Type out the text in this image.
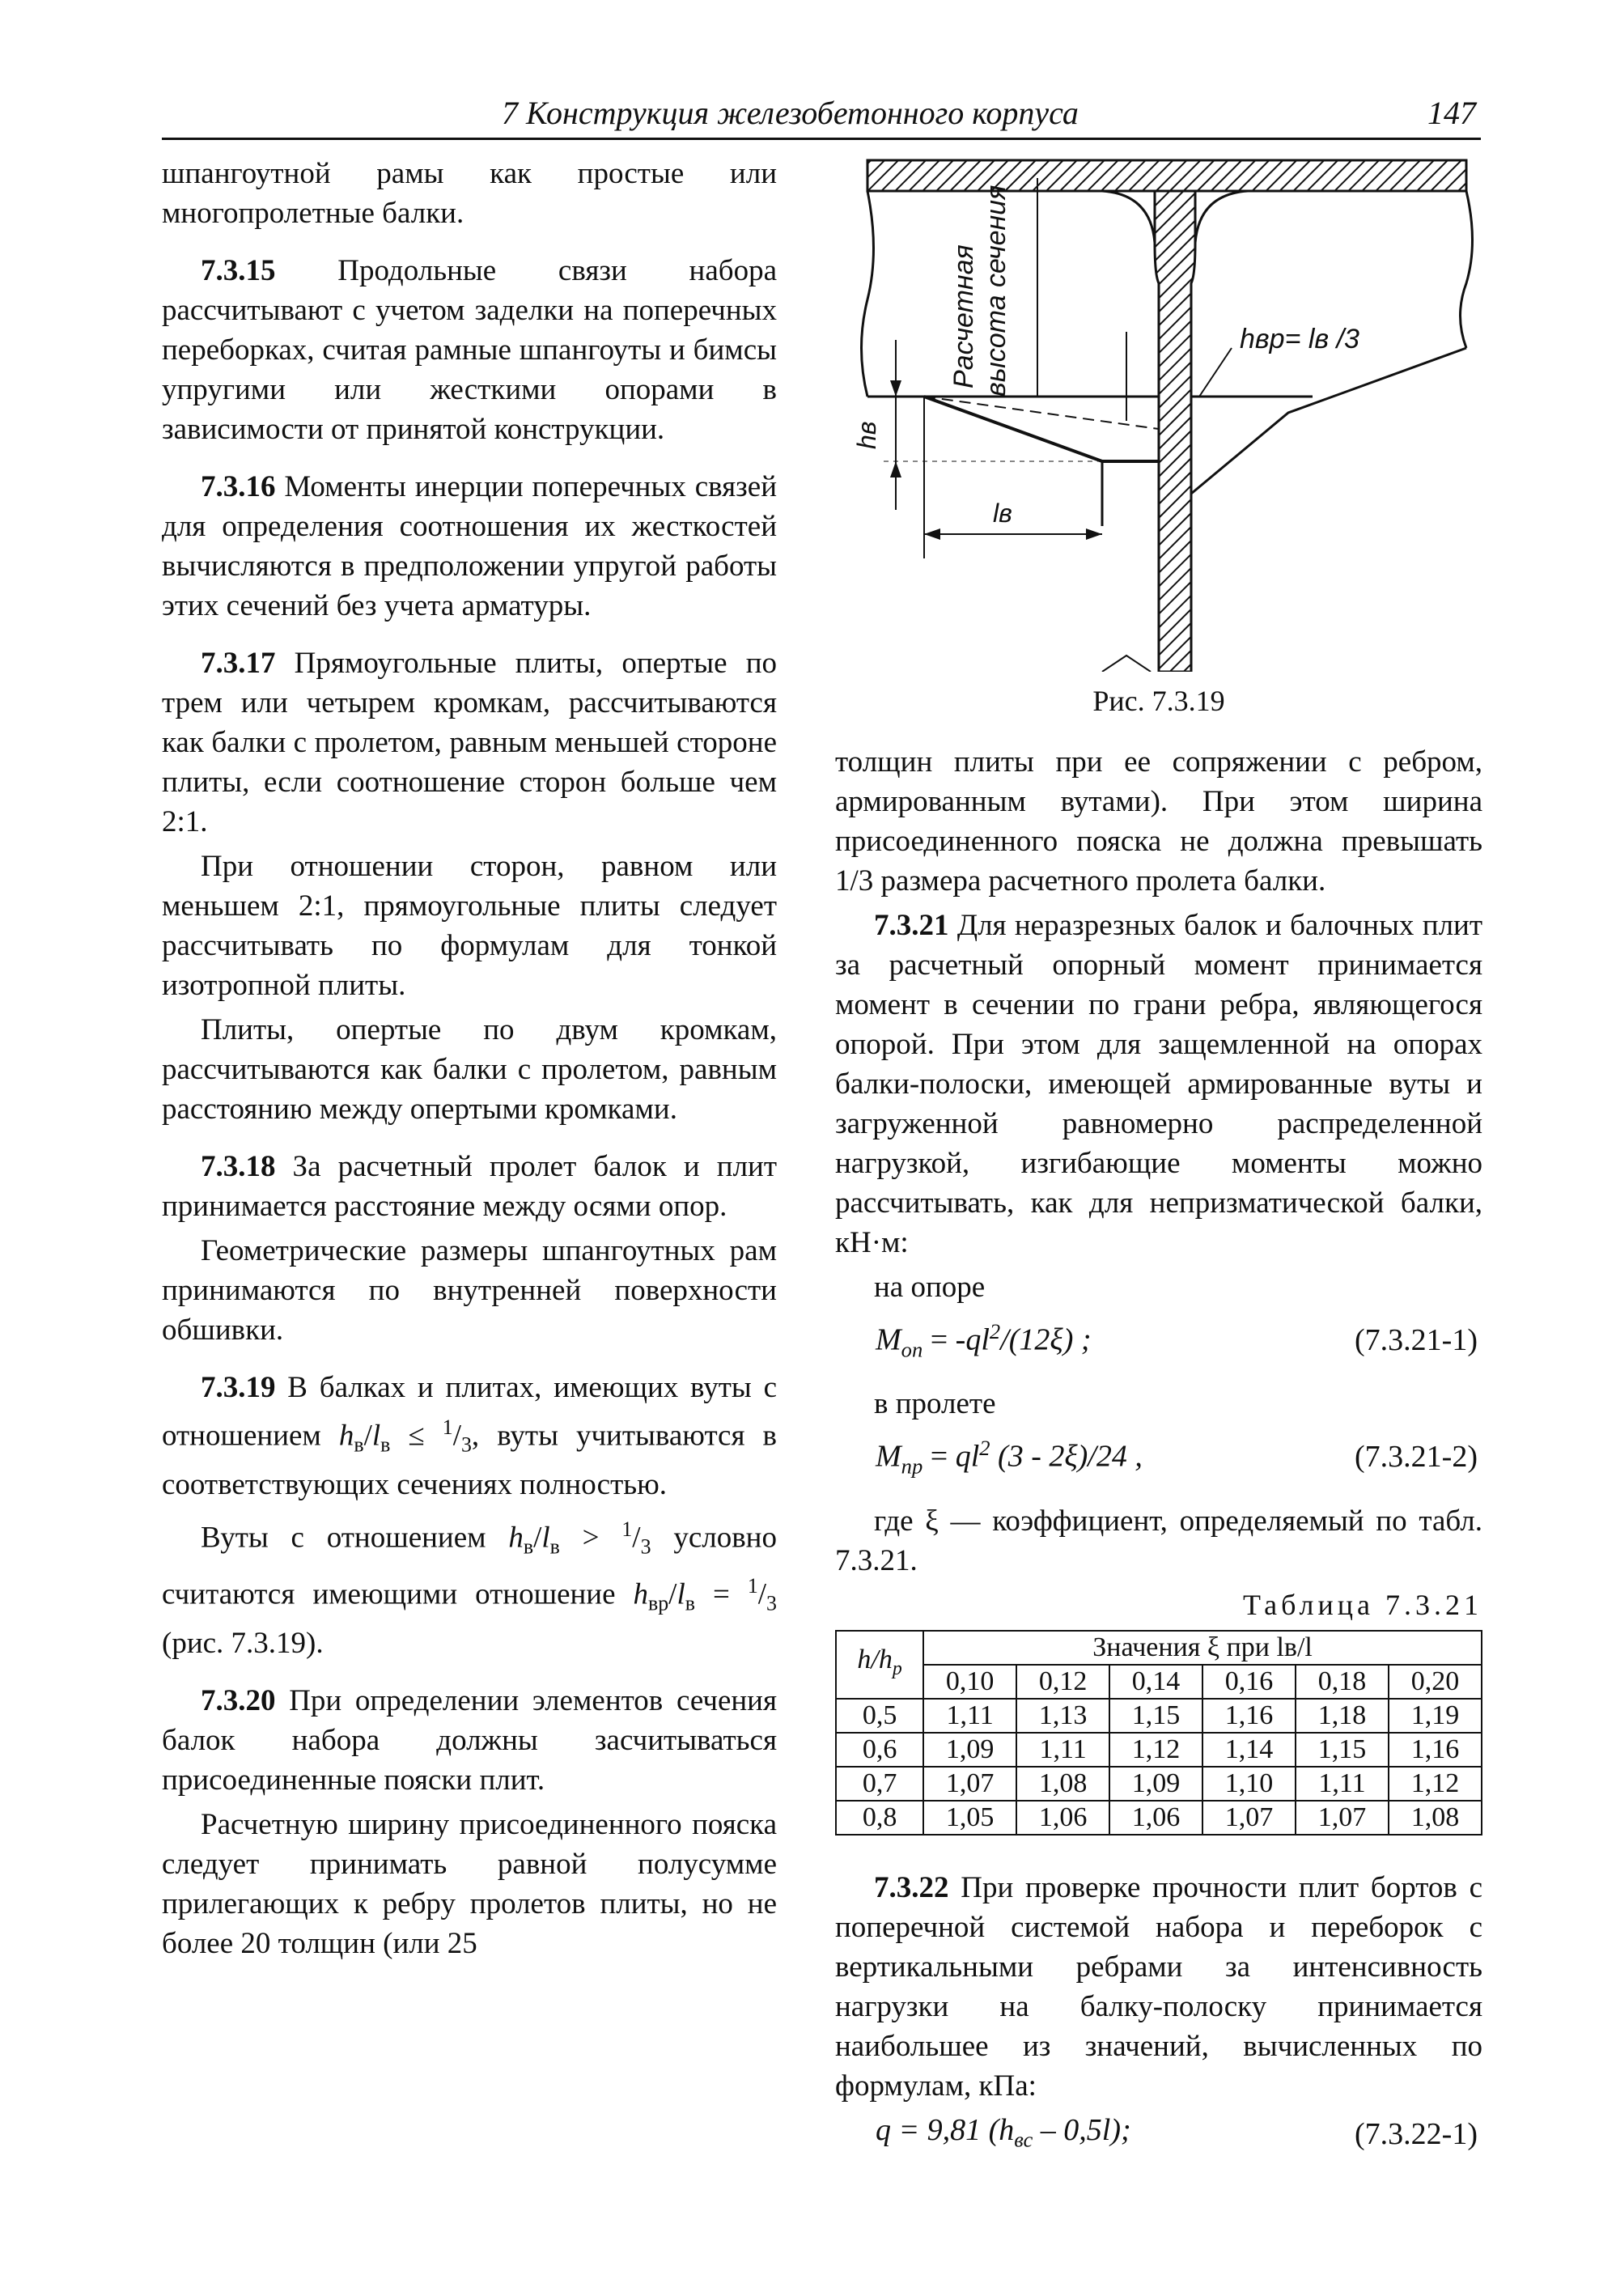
7 Конструкция железобетонного корпуса	147

шпангоутной рамы как простые или многопролетные балки.

7.3.15 Продольные связи набора рассчитывают с учетом заделки на поперечных переборках, считая рамные шпангоуты и бимсы упругими или жесткими опорами в зависимости от принятой конструкции.

7.3.16 Моменты инерции поперечных связей для определения соотношения их жесткостей вычисляются в предположении упругой работы этих сечений без учета арматуры.

7.3.17 Прямоугольные плиты, опертые по трем или четырем кромкам, рассчитываются как балки с пролетом, равным меньшей стороне плиты, если соотношение сторон больше чем 2:1.

При отношении сторон, равном или меньшем 2:1, прямоугольные плиты следует рассчитывать по формулам для тонкой изотропной плиты.

Плиты, опертые по двум кромкам, рассчитываются как балки с пролетом, равным расстоянию между опертыми кромками.

7.3.18 За расчетный пролет балок и плит принимается расстояние между осями опор.

Геометрические размеры шпангоутных рам принимаются по внутренней поверхности обшивки.

7.3.19 В балках и плитах, имеющих вуты с отношением $h_в/l_в \le ^1/_3$, вуты учитываются в соответствующих сечениях полностью.

Вуты с отношением $h_в/l_в > ^1/_3$ условно считаются имеющими отношение $h_{вр}/l_в = ^1/_3$ (рис. 7.3.19).

7.3.20 При определении элементов сечения балок набора должны засчитываться присоединенные пояски плит.

Расчетную ширину присоединенного пояска следует принимать равной полусумме прилегающих к ребру пролетов плиты, но не более 20 толщин (или 25

Расчетная высота сечения	hвр= lв /3
hв
lв
Рис. 7.3.19

толщин плиты при ее сопряжении с ребром, армированным вутами). При этом ширина присоединенного пояска не должна превышать 1/3 размера расчетного пролета балки.

7.3.21 Для неразрезных балок и балочных плит за расчетный опорный момент принимается момент в сечении по грани ребра, являющегося опорой. При этом для защемленной на опорах балки-полоски, имеющей армированные вуты и загруженной равномерно распределенной нагрузкой, изгибающие моменты можно рассчитывать, как для непризматической балки, кН·м:

на опоре

$M_{оп} = -ql^2/(12\xi)$ ;	(7.3.21-1)

в пролете

$M_{пр} = ql^2$ (3 - 2ξ)/24 ,	(7.3.21-2)

где ξ — коэффициент, определяемый по табл. 7.3.21.

Таблица 7.3.21
$h/h_р$	Значения ξ при lв/l					
	0,10	0,12	0,14	0,16	0,18	0,20
0,5	1,11	1,13	1,15	1,16	1,18	1,19
0,6	1,09	1,11	1,12	1,14	1,15	1,16
0,7	1,07	1,08	1,09	1,10	1,11	1,12
0,8	1,05	1,06	1,06	1,07	1,07	1,08

7.3.22 При проверке прочности плит бортов с поперечной системой набора и переборок с вертикальными ребрами за интенсивность нагрузки на балку-полоску принимается наибольшее из значений, вычисленных по формулам, кПа:

q = 9,81 $(h_{вс} - 0,5l)$;	(7.3.22-1)
